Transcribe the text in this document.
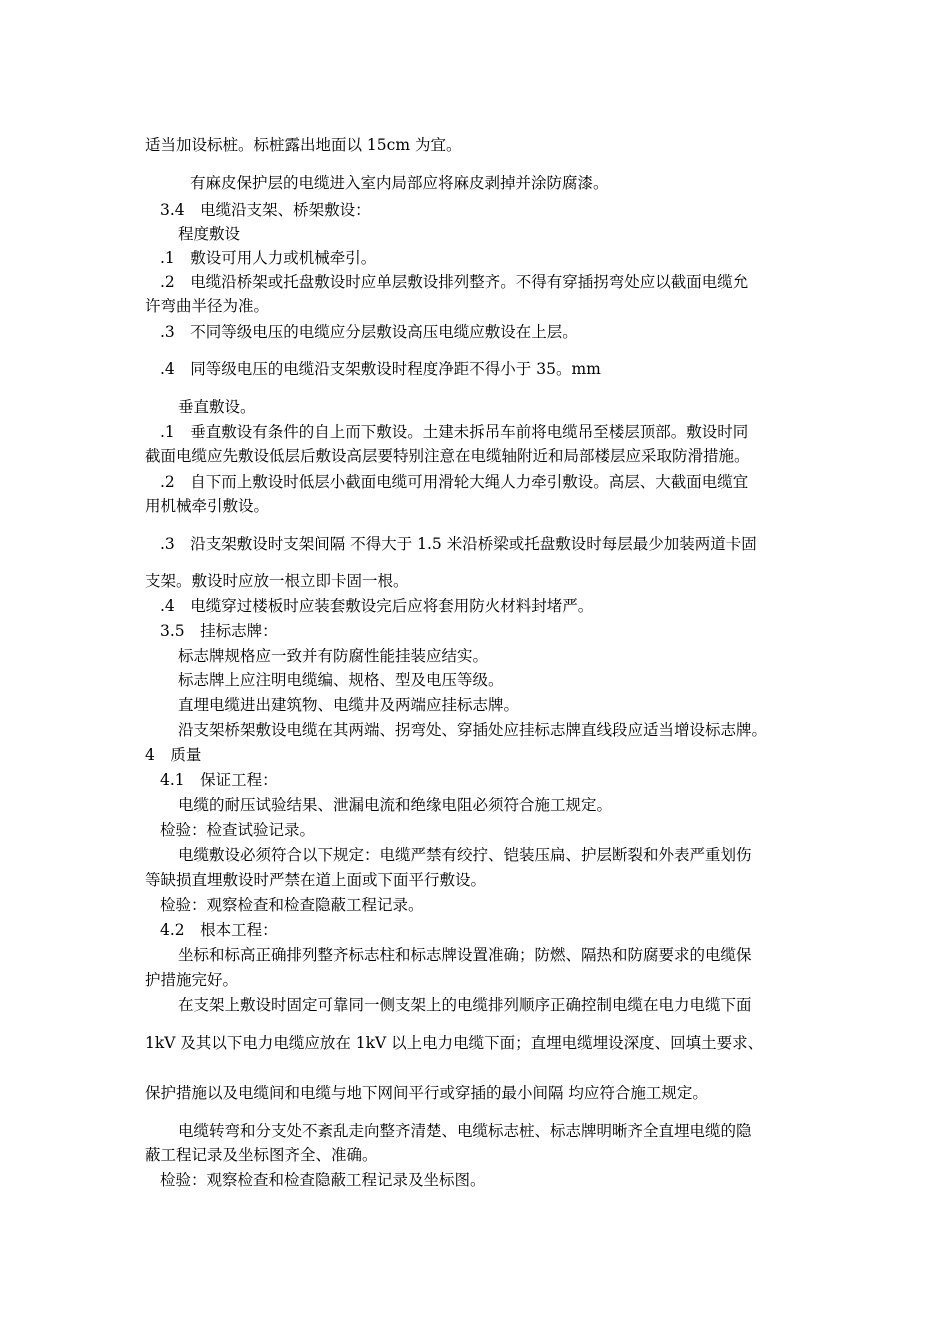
适当加设标桩。标桩露出地面以 15cm 为宜。

有麻皮保护层的电缆进入室内局部应将麻皮剥掉并涂防腐漆。

3.4　电缆沿支架、桥架敷设：

程度敷设

.1　敷设可用人力或机械牵引。

.2　电缆沿桥架或托盘敷设时应单层敷设排列整齐。不得有穿插拐弯处应以截面电缆允

许弯曲半径为准。

.3　不同等级电压的电缆应分层敷设高压电缆应敷设在上层。

.4　同等级电压的电缆沿支架敷设时程度净距不得小于 35。mm

垂直敷设。

.1　垂直敷设有条件的自上而下敷设。土建未拆吊车前将电缆吊至楼层顶部。敷设时同

截面电缆应先敷设低层后敷设高层要特别注意在电缆轴附近和局部楼层应采取防滑措施。

.2　自下而上敷设时低层小截面电缆可用滑轮大绳人力牵引敷设。高层、大截面电缆宜

用机械牵引敷设。

.3　沿支架敷设时支架间隔 不得大于 1.5 米沿桥梁或托盘敷设时每层最少加装两道卡固

支架。敷设时应放一根立即卡固一根。

.4　电缆穿过楼板时应装套敷设完后应将套用防火材料封堵严。

3.5　挂标志牌：

标志牌规格应一致并有防腐性能挂装应结实。

标志牌上应注明电缆编、规格、型及电压等级。

直埋电缆进出建筑物、电缆井及两端应挂标志牌。

沿支架桥架敷设电缆在其两端、拐弯处、穿插处应挂标志牌直线段应适当增设标志牌。

4　质量

4.1　保证工程：

电缆的耐压试验结果、泄漏电流和绝缘电阻必须符合施工规定。

检验：检查试验记录。

电缆敷设必须符合以下规定：电缆严禁有绞拧、铠装压扁、护层断裂和外表严重划伤

等缺损直埋敷设时严禁在道上面或下面平行敷设。

检验：观察检查和检查隐蔽工程记录。

4.2　根本工程：

坐标和标高正确排列整齐标志柱和标志牌设置准确；防燃、隔热和防腐要求的电缆保

护措施完好。

在支架上敷设时固定可靠同一侧支架上的电缆排列顺序正确控制电缆在电力电缆下面

1kV 及其以下电力电缆应放在 1kV 以上电力电缆下面；直埋电缆埋设深度、回填土要求、

保护措施以及电缆间和电缆与地下网间平行或穿插的最小间隔 均应符合施工规定。

电缆转弯和分支处不紊乱走向整齐清楚、电缆标志桩、标志牌明晰齐全直埋电缆的隐

蔽工程记录及坐标图齐全、准确。

检验：观察检查和检查隐蔽工程记录及坐标图。
